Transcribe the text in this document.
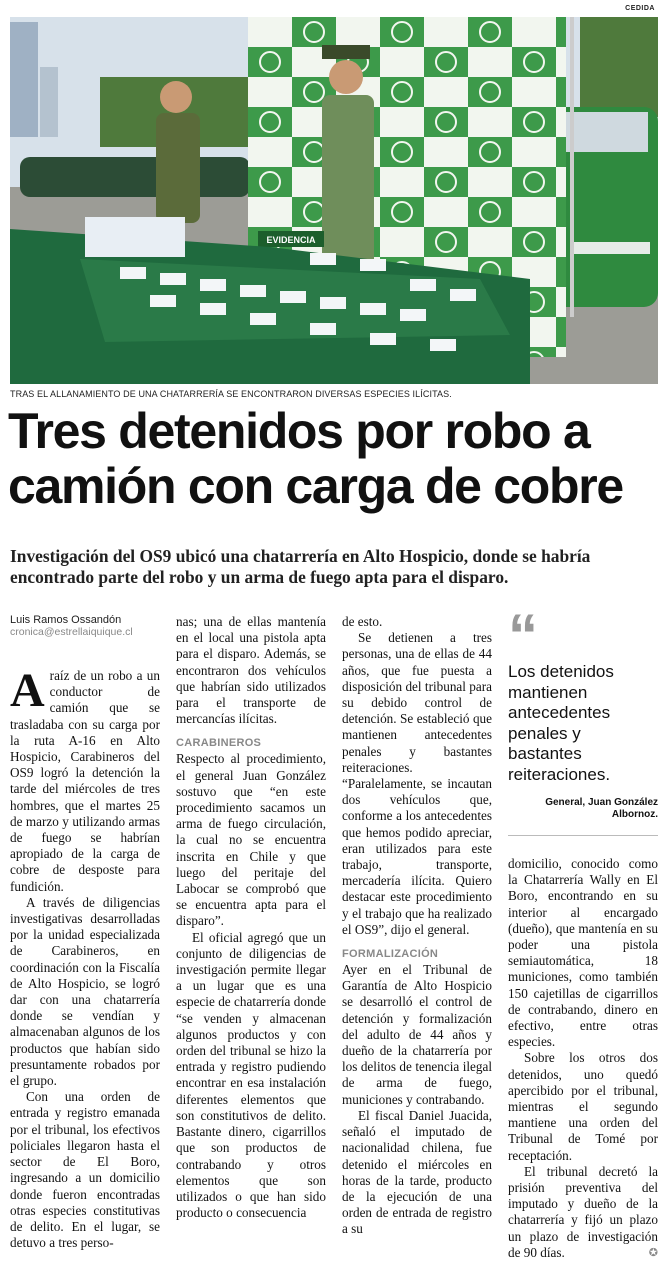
CEDIDA
EVIDENCIA
TRAS EL ALLANAMIENTO DE UNA CHATARRERÍA SE ENCONTRARON DIVERSAS ESPECIES ILÍCITAS.
Tres detenidos por robo a camión con carga de cobre

Investigación del OS9 ubicó una chatarrería en Alto Hospicio, donde se habría encontrado parte del robo y un arma de fuego apta para el disparo.

Luis Ramos Ossandón
cronica@estrellaiquique.cl

Araíz de un robo a un conductor de camión que se trasladaba con su carga por la ruta A-16 en Alto Hospicio, Carabineros del OS9 logró la detención la tarde del miércoles de tres hombres, que el martes 25 de marzo y utilizando armas de fuego se habrían apropiado de la carga de cobre de desposte para fundición.

A través de diligencias investigativas desarrolladas por la unidad especializada de Carabineros, en coordinación con la Fiscalía de Alto Hospicio, se logró dar con una chatarrería donde se vendían y almacenaban algunos de los productos que habían sido presuntamente robados por el grupo.

Con una orden de entrada y registro emanada por el tribunal, los efectivos policiales llegaron hasta el sector de El Boro, ingresando a un domicilio donde fueron encontradas otras especies constitutivas de delito. En el lugar, se detuvo a tres perso-

nas; una de ellas mantenía en el local una pistola apta para el disparo. Además, se encontraron dos vehículos que habrían sido utilizados para el transporte de mercancías ilícitas.

CARABINEROS

Respecto al procedimiento, el general Juan González sostuvo que “en este procedimiento sacamos un arma de fuego circulación, la cual no se encuentra inscrita en Chile y que luego del peritaje del Labocar se comprobó que se encuentra apta para el disparo”.

El oficial agregó que un conjunto de diligencias de investigación permite llegar a un lugar que es una especie de chatarrería donde “se venden y almacenan algunos productos y con orden del tribunal se hizo la entrada y registro pudiendo encontrar en esa instalación diferentes elementos que son constitutivos de delito. Bastante dinero, cigarrillos que son productos de contrabando y otros elementos que son utilizados o que han sido producto o consecuencia

de esto.

Se detienen a tres personas, una de ellas de 44 años, que fue puesta a disposición del tribunal para su debido control de detención. Se estableció que mantienen antecedentes penales y bastantes reiteraciones. “Paralelamente, se incautan dos vehículos que, conforme a los antecedentes que hemos podido apreciar, eran utilizados para este trabajo, transporte, mercadería ilícita. Quiero destacar este procedimiento y el trabajo que ha realizado el OS9”, dijo el general.

FORMALIZACIÓN

Ayer en el Tribunal de Garantía de Alto Hospicio se desarrolló el control de detención y formalización del adulto de 44 años y dueño de la chatarrería por los delitos de tenencia ilegal de arma de fuego, municiones y contrabando.

El fiscal Daniel Juacida, señaló el imputado de nacionalidad chilena, fue detenido el miércoles en horas de la tarde, producto de la ejecución de una orden de entrada de registro a su

“
Los detenidos mantienen antecedentes penales y bastantes reiteraciones.
General, Juan González Albornoz.

domicilio, conocido como la Chatarrería Wally en El Boro, encontrando en su interior al encargado (dueño), que mantenía en su poder una pistola semiautomática, 18 municiones, como también 150 cajetillas de cigarrillos de contrabando, dinero en efectivo, entre otras especies.

Sobre los otros dos detenidos, uno quedó apercibido por el tribunal, mientras el segundo mantiene una orden del Tribunal de Tomé por receptación.

El tribunal decretó la prisión preventiva del imputado y dueño de la chatarrería y fijó un plazo un plazo de investigación de 90 días.	✪
